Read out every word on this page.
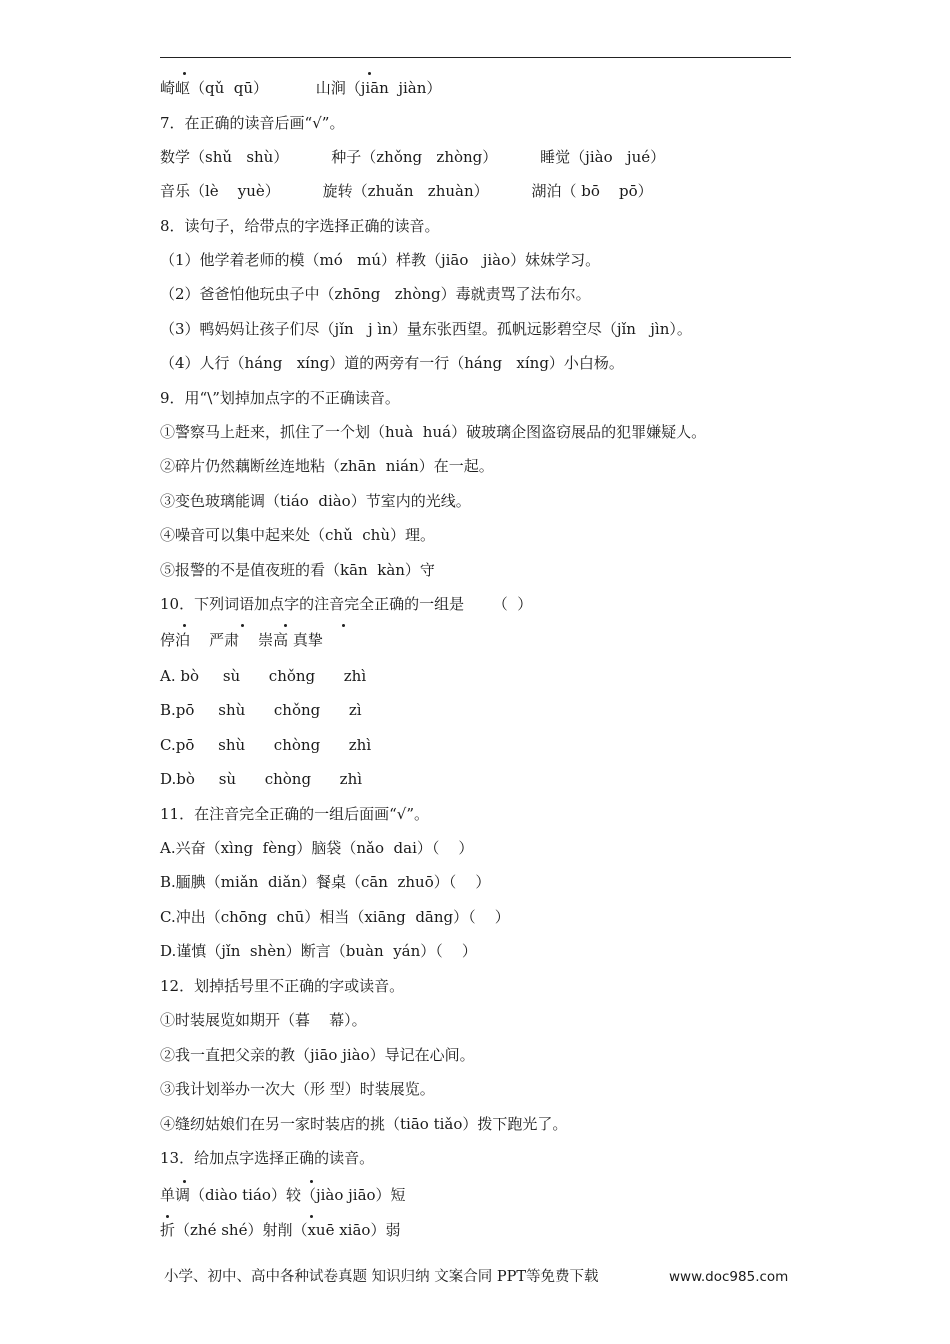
崎岖（qǔ  qū）          山涧（jiān  jiàn）
7．在正确的读音后画“√”。
数学（shǔ   shù）         种子（zhǒng   zhòng）         睡觉（jiào   jué）
音乐（lè    yuè）         旋转（zhuǎn   zhuàn）         湖泊（ bō    pō）
8．读句子，给带点的字选择正确的读音。
（1）他学着老师的模（mó   mú）样教（jiāo   jiào）妹妹学习。
（2）爸爸怕他玩虫子中（zhōng   zhòng）毒就责骂了法布尔。
（3）鸭妈妈让孩子们尽（jǐn   j ìn）量东张西望。孤帆远影碧空尽（jǐn   jìn）。
（4）人行（háng   xíng）道的两旁有一行（háng   xíng）小白杨。
9．用“\”划掉加点字的不正确读音。
①警察马上赶来，抓住了一个划（huà  huá）破玻璃企图盗窃展品的犯罪嫌疑人。
②碎片仍然藕断丝连地粘（zhān  nián）在一起。
③变色玻璃能调（tiáo  diào）节室内的光线。
④噪音可以集中起来处（chǔ  chù）理。
⑤报警的不是值夜班的看（kān  kàn）守
10．下列词语加点字的注音完全正确的一组是      （  ）
停泊    严肃    崇高 真挚
A. bò     sù      chǒng      zhì
B.pō     shù      chǒng      zì
C.pō     shù      chòng      zhì
D.bò     sù      chòng      zhì
11．在注音完全正确的一组后面画“√”。
A.兴奋（xìng  fèng）脑袋（nǎo  dai）（    ）
B.腼腆（miǎn  diǎn）餐桌（cān  zhuō）（    ）
C.冲出（chōng  chū）相当（xiāng  dāng）（    ）
D.谨慎（jǐn  shèn）断言（buàn  yán）（    ）
12．划掉括号里不正确的字或读音。
①时装展览如期开（暮    幕）。
②我一直把父亲的教（jiāo jiào）导记在心间。
③我计划举办一次大（形 型）时装展览。
④缝纫姑娘们在另一家时装店的挑（tiāo tiǎo）拨下跑光了。
13．给加点字选择正确的读音。
单调（diào tiáo）较（jiào jiāo）短
折（zhé shé）射削（xuē xiāo）弱
小学、初中、高中各种试卷真题 知识归纳 文案合同 PPT等免费下载	www.doc985.com
